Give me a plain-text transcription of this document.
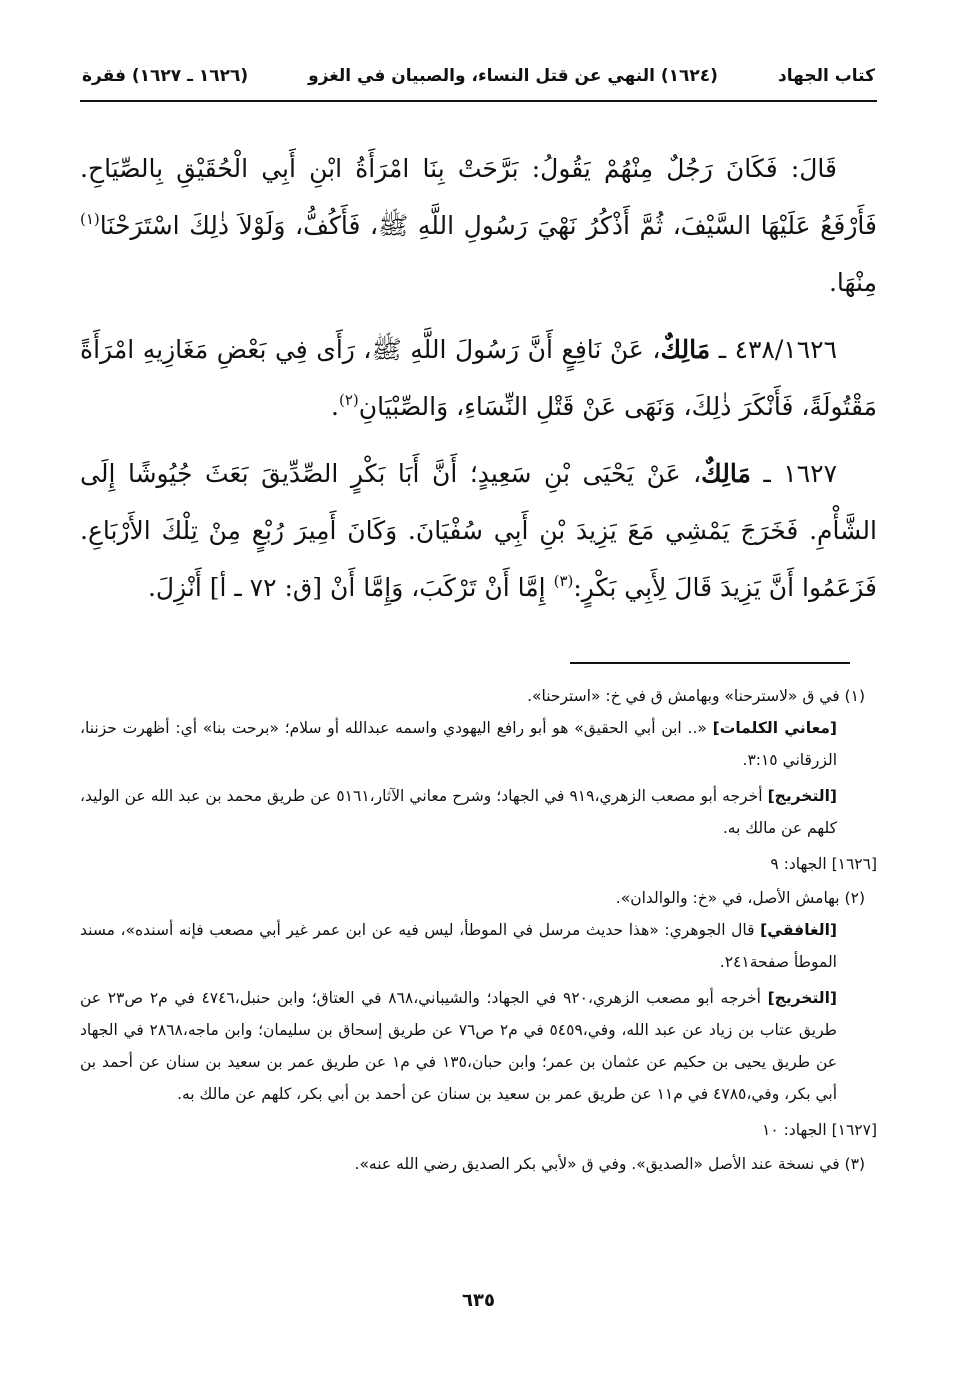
كتاب الجهاد
(١٦٢٤) النهي عن قتل النساء، والصبيان في الغزو
(١٦٢٦ ـ ١٦٢٧) فقرة

قَالَ: فَكَانَ رَجُلٌ مِنْهُمْ يَقُولُ: بَرَّحَتْ بِنَا امْرَأَةُ ابْنِ أَبِي الْحُقَيْقِ بِالصِّيَاحِ. فَأَرْفَعُ عَلَيْهَا السَّيْفَ، ثُمَّ أَذْكُرُ نَهْيَ رَسُولِ اللَّهِ ﷺ، فَأَكُفُّ، وَلَوْلاَ ذٰلِكَ اسْتَرَحْنَا$^{(١)}$ مِنْهَا.

٤٣٨/١٦٢٦ ـ مَالِكٌ، عَنْ نَافِعٍ أَنَّ رَسُولَ اللَّهِ ﷺ، رَأَى فِي بَعْضِ مَغَازِيهِ امْرَأَةً مَقْتُولَةً، فَأَنْكَرَ ذٰلِكَ، وَنَهَى عَنْ قَتْلِ النِّسَاءِ، وَالصِّبْيَانِ$^{(٢)}$.

١٦٢٧ ـ مَالِكٌ، عَنْ يَحْيَى بْنِ سَعِيدٍ؛ أَنَّ أَبَا بَكْرٍ الصِّدِّيقَ بَعَثَ جُيُوشًا إِلَى الشَّأْمِ. فَخَرَجَ يَمْشِي مَعَ يَزِيدَ بْنِ أَبِي سُفْيَانَ. وَكَانَ أَمِيرَ رُبْعٍ مِنْ تِلْكَ الأَرْبَاعِ. فَزَعَمُوا أَنَّ يَزِيدَ قَالَ لِأَبِي بَكْرٍ:$^{(٣)}$ إِمَّا أَنْ تَرْكَبَ، وَإِمَّا أَنْ [ق: ٧٢ ـ أ] أَنْزِلَ.

(١) في ق «لاسترحنا» وبهامش ق في خ: «استرحنا».

[معاني الكلمات] «.. ابن أبي الحقيق» هو أبو رافع اليهودي واسمه عبدالله أو سلام؛ «برحت بنا» أي: أظهرت حزننا، الزرقاني ٣:١٥.

[التخريج] أخرجه أبو مصعب الزهري،٩١٩ في الجهاد؛ وشرح معاني الآثار،٥١٦١ عن طريق محمد بن عبد الله عن الوليد، كلهم عن مالك به.

[١٦٢٦] الجهاد: ٩

(٢) بهامش الأصل، في «خ: والوالدان».

[الغافقي] قال الجوهري: «هذا حديث مرسل في الموطأ، ليس فيه عن ابن عمر غير أبي مصعب فإنه أسنده»، مسند الموطأ صفحة٢٤١.

[التخريج] أخرجه أبو مصعب الزهري،٩٢٠ في الجهاد؛ والشيباني،٨٦٨ في العتاق؛ وابن حنبل،٤٧٤٦ في م٢ ص٢٣ عن طريق عتاب بن زياد عن عبد الله، وفي،٥٤٥٩ في م٢ ص٧٦ عن طريق إسحاق بن سليمان؛ وابن ماجه،٢٨٦٨ في الجهاد عن طريق يحيى بن حكيم عن عثمان بن عمر؛ وابن حبان،١٣٥ في م١ عن طريق عمر بن سعيد بن سنان عن أحمد بن أبي بكر، وفي،٤٧٨٥ في م١١ عن طريق عمر بن سعيد بن سنان عن أحمد بن أبي بكر، كلهم عن مالك به.

[١٦٢٧] الجهاد: ١٠

(٣) في نسخة عند الأصل «الصديق». وفي ق «لأبي بكر الصديق رضي الله عنه».

٦٣٥
